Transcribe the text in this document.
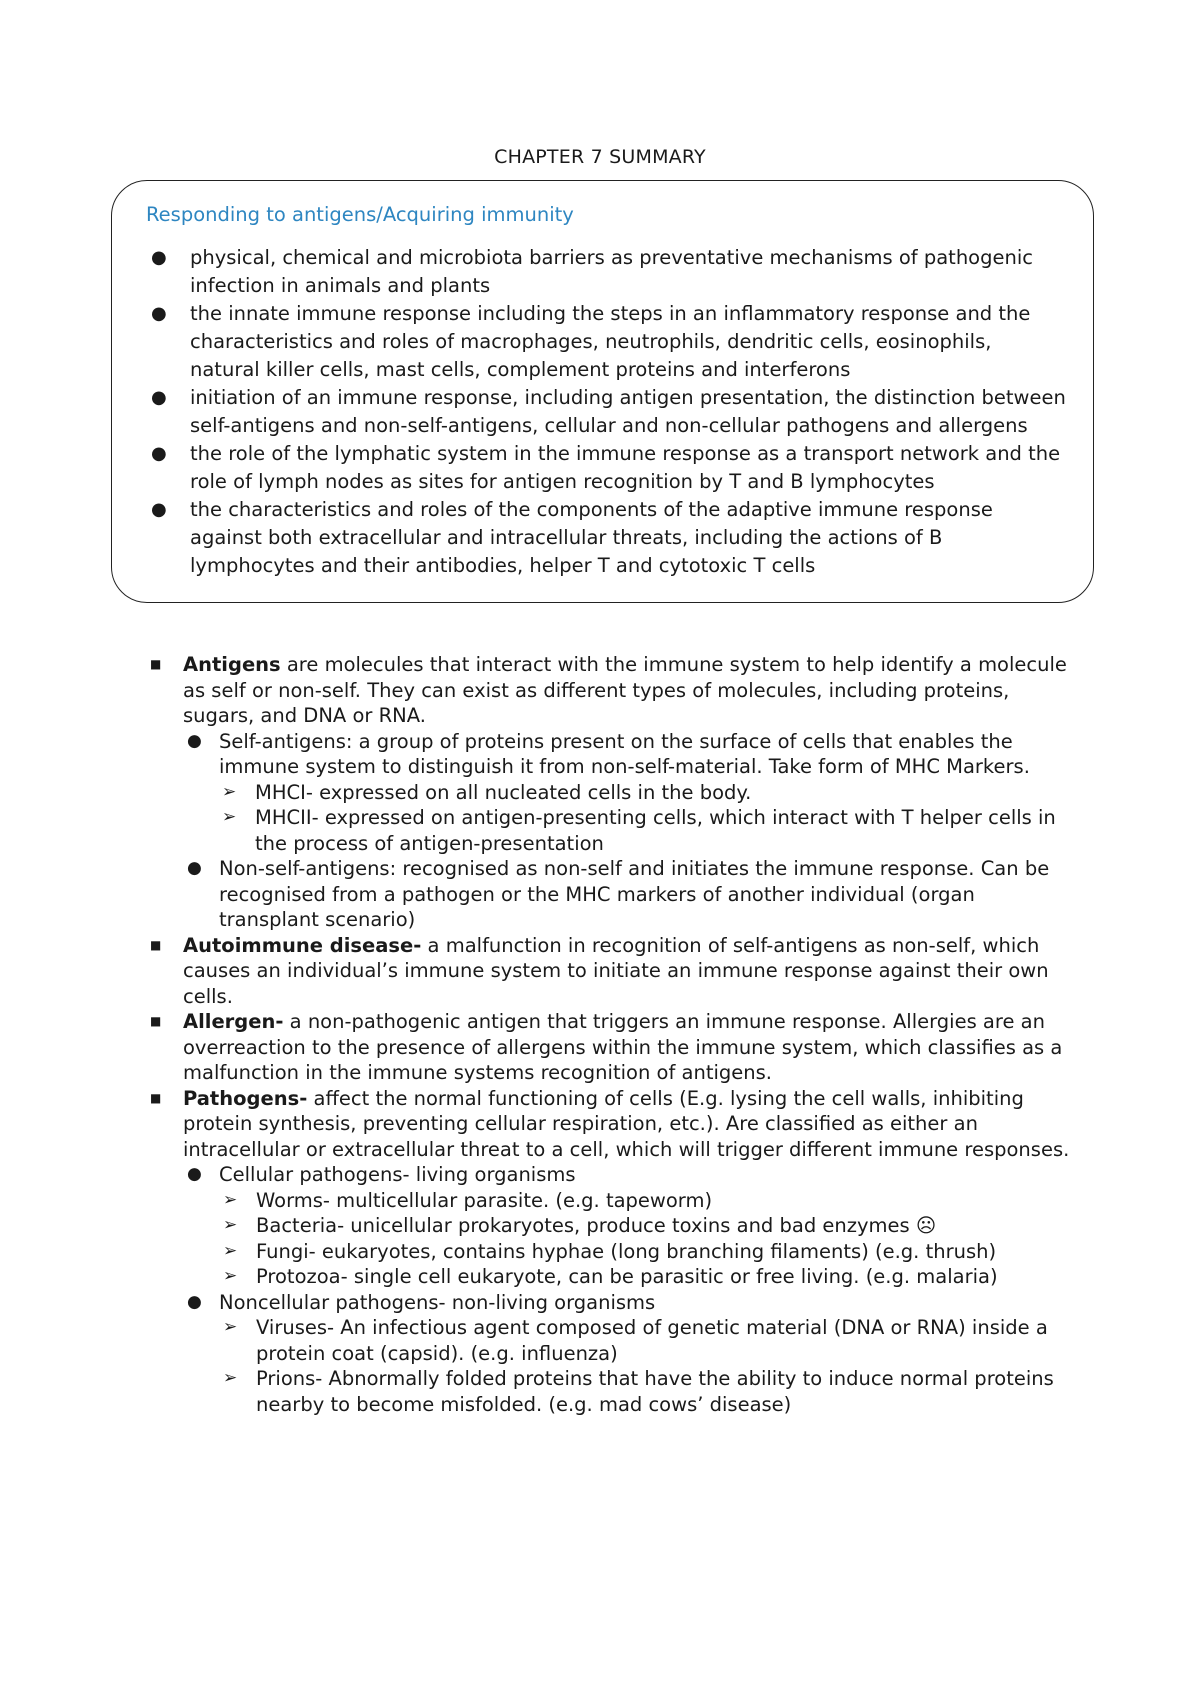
CHAPTER 7 SUMMARY
Responding to antigens/Acquiring immunity
● physical, chemical and microbiota barriers as preventative mechanisms of pathogenic infection in animals and plants
● the innate immune response including the steps in an inflammatory response and the characteristics and roles of macrophages, neutrophils, dendritic cells, eosinophils, natural killer cells, mast cells, complement proteins and interferons
● initiation of an immune response, including antigen presentation, the distinction between self-antigens and non-self-antigens, cellular and non-cellular pathogens and allergens
● the role of the lymphatic system in the immune response as a transport network and the role of lymph nodes as sites for antigen recognition by T and B lymphocytes
● the characteristics and roles of the components of the adaptive immune response against both extracellular and intracellular threats, including the actions of B lymphocytes and their antibodies, helper T and cytotoxic T cells
■ Antigens are molecules that interact with the immune system to help identify a molecule as self or non-self. They can exist as different types of molecules, including proteins, sugars, and DNA or RNA.
● Self-antigens: a group of proteins present on the surface of cells that enables the immune system to distinguish it from non-self-material. Take form of MHC Markers.
➢ MHCI- expressed on all nucleated cells in the body.
➢ MHCII- expressed on antigen-presenting cells, which interact with T helper cells in the process of antigen-presentation
● Non-self-antigens: recognised as non-self and initiates the immune response. Can be recognised from a pathogen or the MHC markers of another individual (organ transplant scenario)
■ Autoimmune disease- a malfunction in recognition of self-antigens as non-self, which causes an individual’s immune system to initiate an immune response against their own cells.
■ Allergen- a non-pathogenic antigen that triggers an immune response. Allergies are an overreaction to the presence of allergens within the immune system, which classifies as a malfunction in the immune systems recognition of antigens.
■ Pathogens- affect the normal functioning of cells (E.g. lysing the cell walls, inhibiting protein synthesis, preventing cellular respiration, etc.). Are classified as either an intracellular or extracellular threat to a cell, which will trigger different immune responses.
● Cellular pathogens- living organisms
➢ Worms- multicellular parasite. (e.g. tapeworm)
➢ Bacteria- unicellular prokaryotes, produce toxins and bad enzymes ☹
➢ Fungi- eukaryotes, contains hyphae (long branching filaments) (e.g. thrush)
➢ Protozoa- single cell eukaryote, can be parasitic or free living. (e.g. malaria)
● Noncellular pathogens- non-living organisms
➢ Viruses- An infectious agent composed of genetic material (DNA or RNA) inside a protein coat (capsid). (e.g. influenza)
➢ Prions- Abnormally folded proteins that have the ability to induce normal proteins nearby to become misfolded. (e.g. mad cows’ disease)
